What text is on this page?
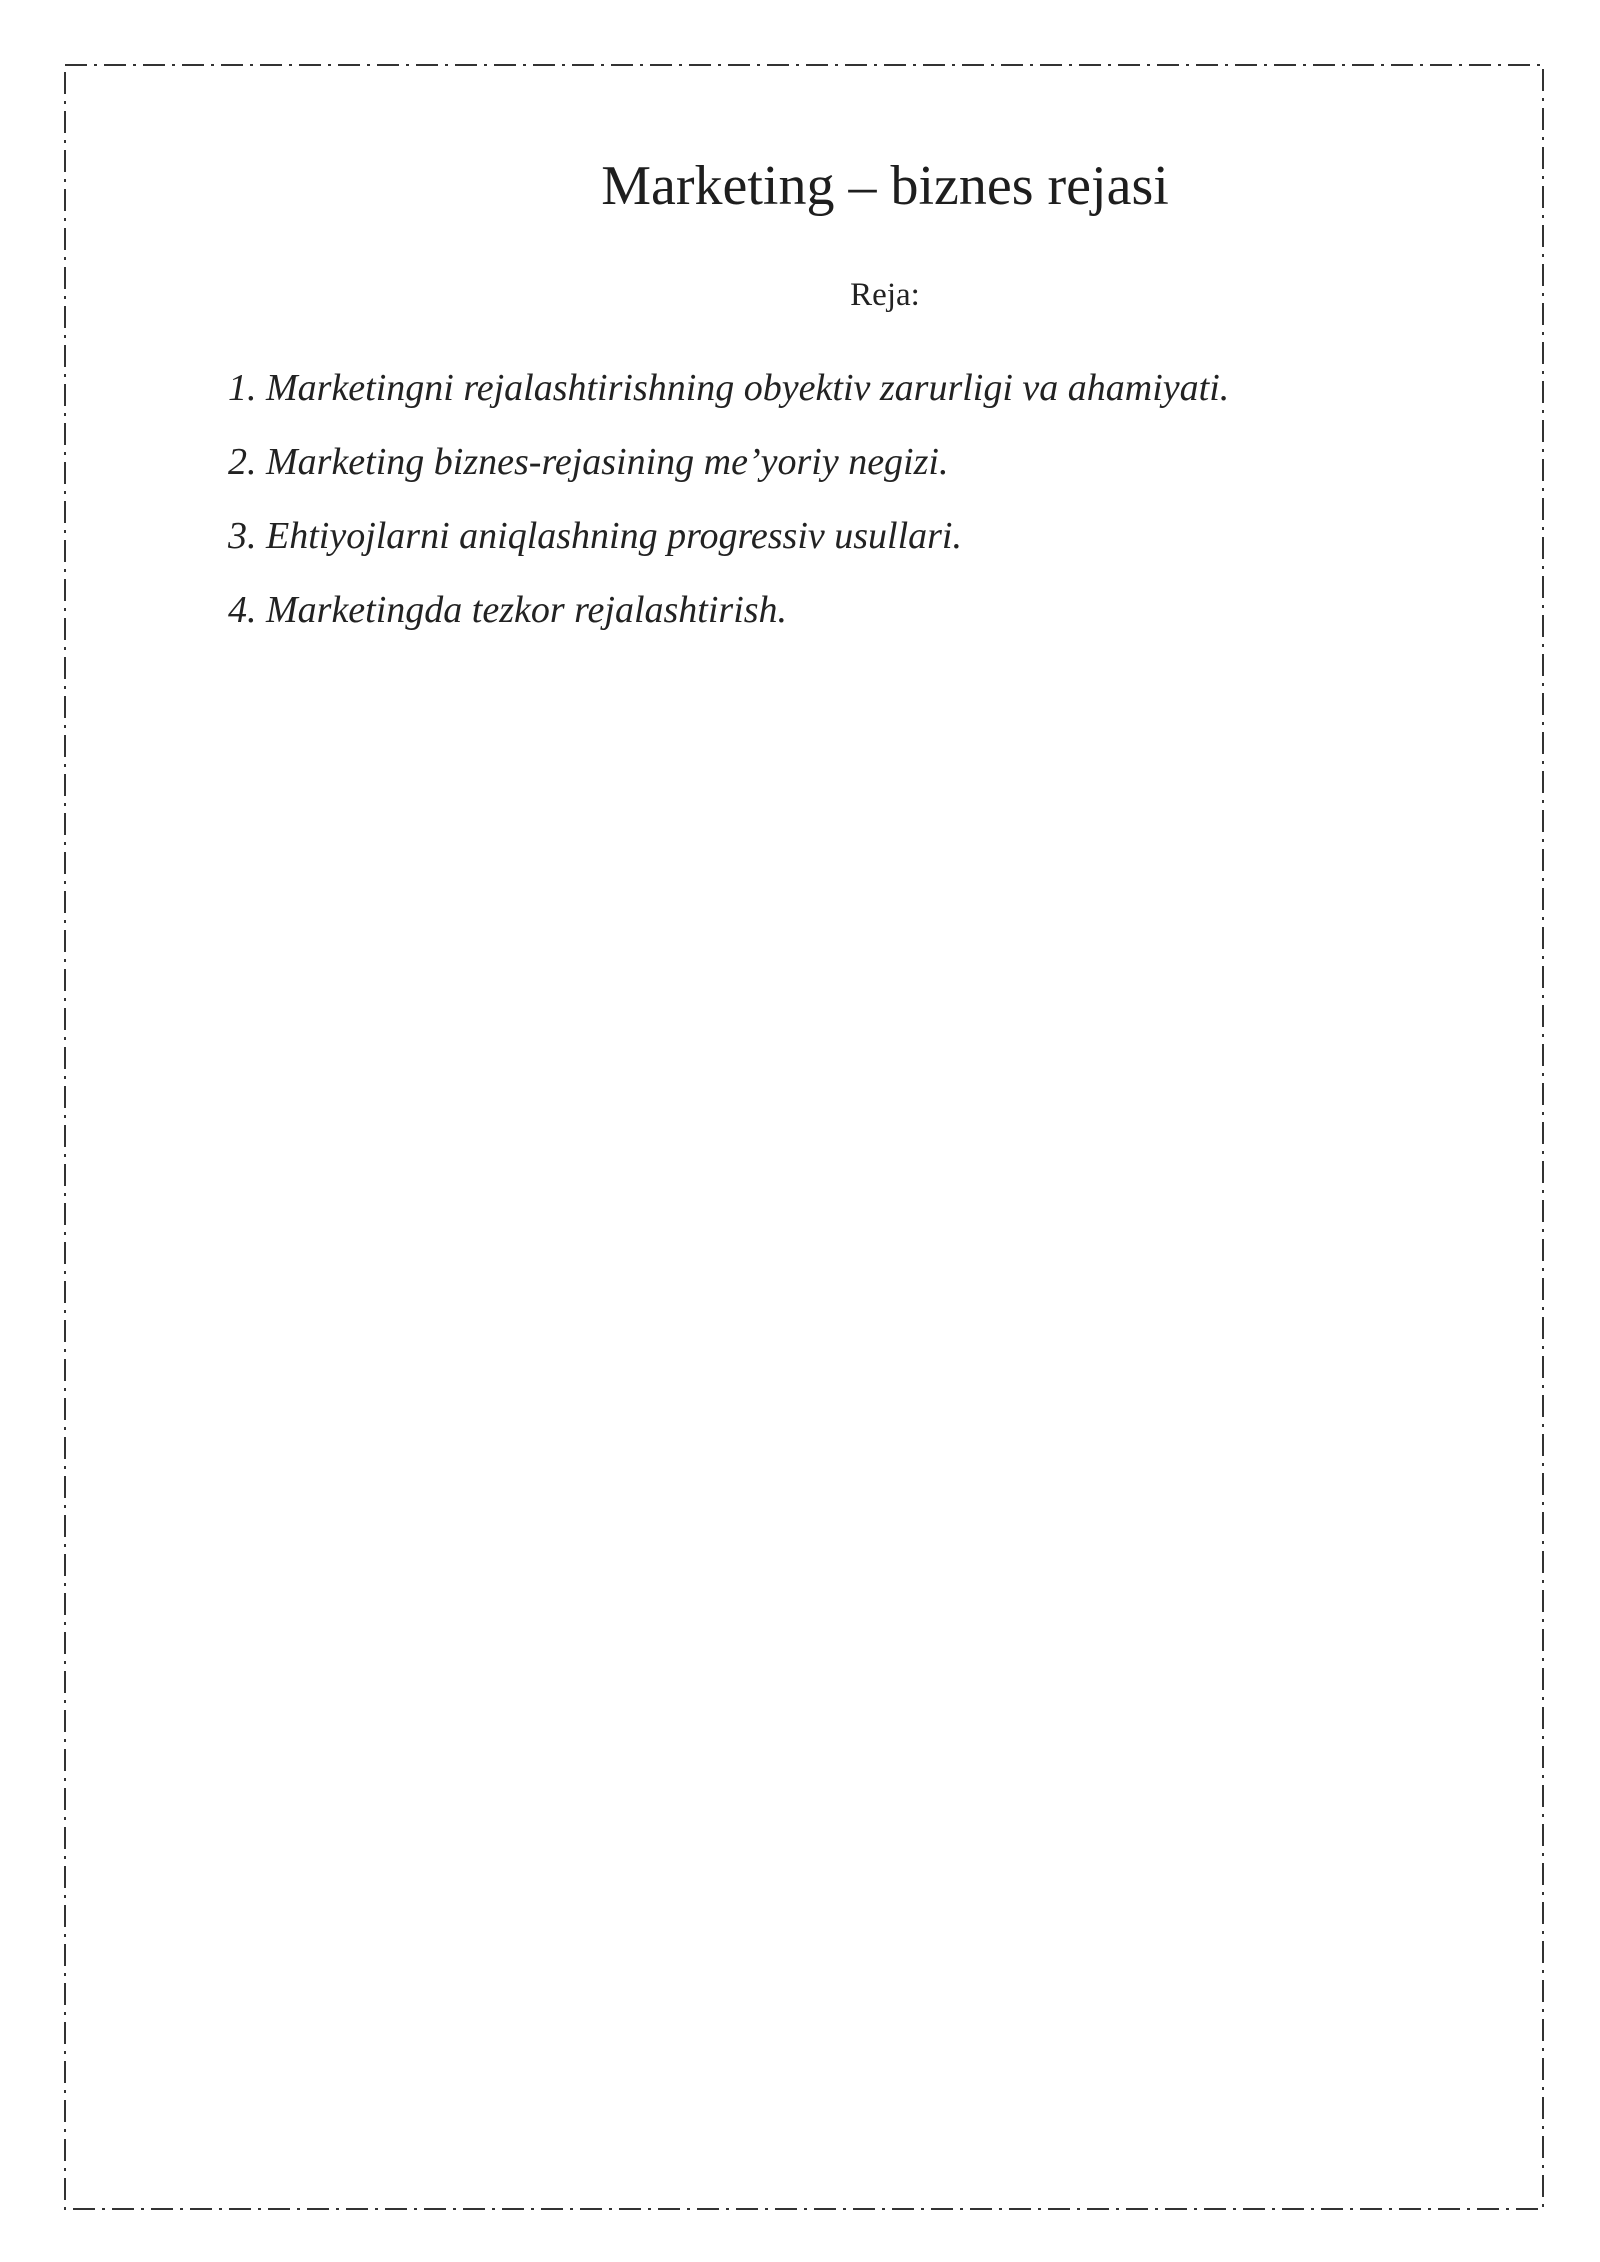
Marketing – biznes rejasi
Reja:
1. Marketingni rejalashtirishning obyektiv zarurligi va ahamiyati.
2. Marketing biznes-rejasining me’yoriy negizi.
3. Ehtiyojlarni aniqlashning progressiv usullari.
4. Marketingda tezkor rejalashtirish.
